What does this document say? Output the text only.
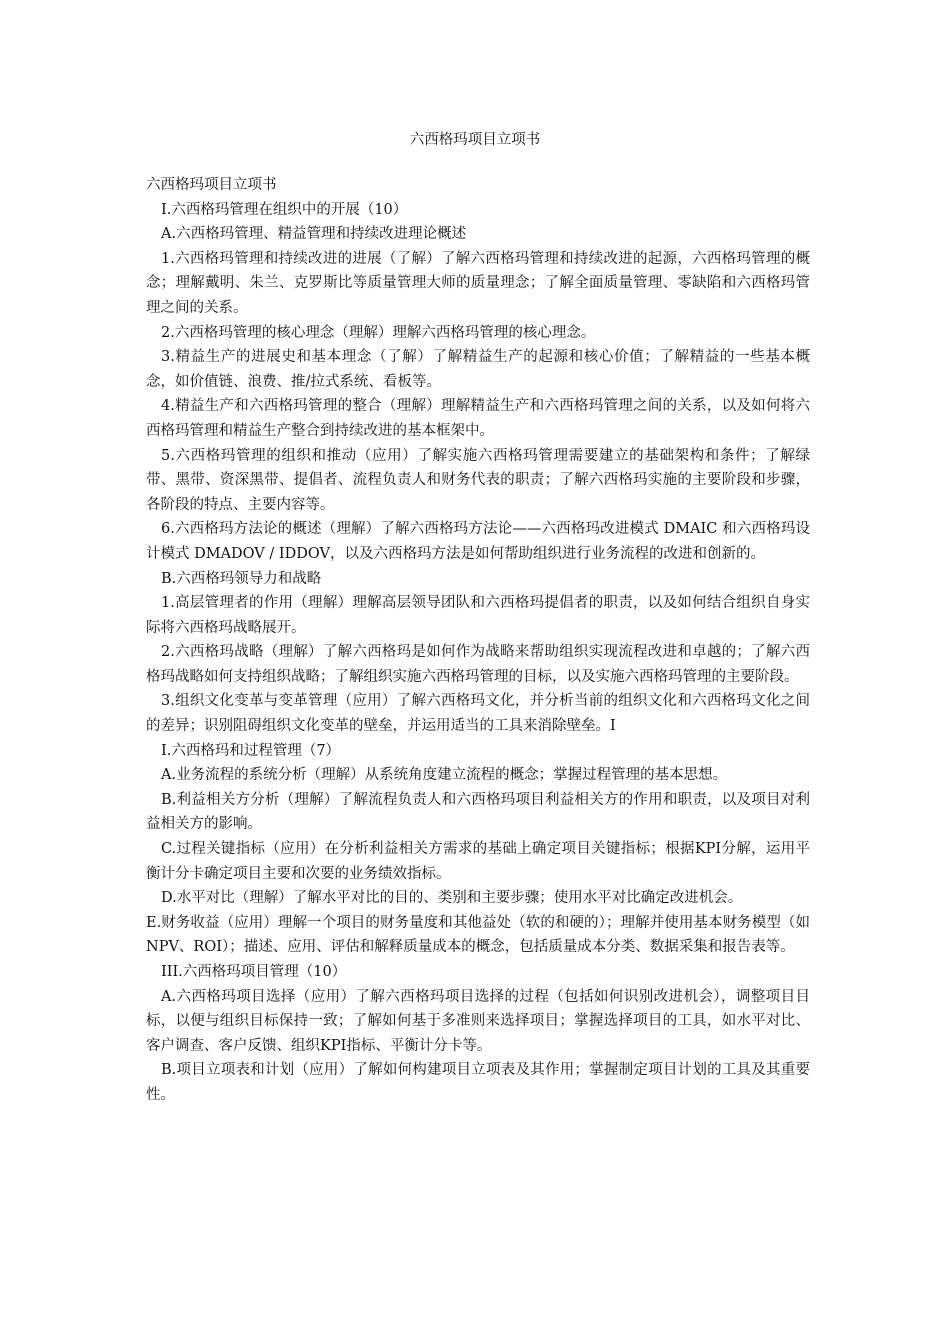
六西格玛项目立项书

六西格玛项目立项书

I.六西格玛管理在组织中的开展（10）

A.六西格玛管理、精益管理和持续改进理论概述

1.六西格玛管理和持续改进的进展（了解）了解六西格玛管理和持续改进的起源，六西格玛管理的概念；理解戴明、朱兰、克罗斯比等质量管理大师的质量理念；了解全面质量管理、零缺陷和六西格玛管理之间的关系。

2.六西格玛管理的核心理念（理解）理解六西格玛管理的核心理念。

3.精益生产的进展史和基本理念（了解）了解精益生产的起源和核心价值；了解精益的一些基本概念，如价值链、浪费、推/拉式系统、看板等。

4.精益生产和六西格玛管理的整合（理解）理解精益生产和六西格玛管理之间的关系，以及如何将六西格玛管理和精益生产整合到持续改进的基本框架中。

5.六西格玛管理的组织和推动（应用）了解实施六西格玛管理需要建立的基础架构和条件；了解绿带、黑带、资深黑带、提倡者、流程负责人和财务代表的职责；了解六西格玛实施的主要阶段和步骤，各阶段的特点、主要内容等。

6.六西格玛方法论的概述（理解）了解六西格玛方法论——六西格玛改进模式 DMAIC 和六西格玛设计模式 DMADOV / IDDOV，以及六西格玛方法是如何帮助组织进行业务流程的改进和创新的。

B.六西格玛领导力和战略

1.高层管理者的作用（理解）理解高层领导团队和六西格玛提倡者的职责，以及如何结合组织自身实际将六西格玛战略展开。

2.六西格玛战略（理解）了解六西格玛是如何作为战略来帮助组织实现流程改进和卓越的；了解六西格玛战略如何支持组织战略；了解组织实施六西格玛管理的目标，以及实施六西格玛管理的主要阶段。

3.组织文化变革与变革管理（应用）了解六西格玛文化，并分析当前的组织文化和六西格玛文化之间的差异；识别阻碍组织文化变革的壁垒，并运用适当的工具来消除壁垒。I

I.六西格玛和过程管理（7）

A.业务流程的系统分析（理解）从系统角度建立流程的概念；掌握过程管理的基本思想。

B.利益相关方分析（理解）了解流程负责人和六西格玛项目利益相关方的作用和职责，以及项目对利益相关方的影响。

C.过程关键指标（应用）在分析利益相关方需求的基础上确定项目关键指标；根据KPI分解，运用平衡计分卡确定项目主要和次要的业务绩效指标。

D.水平对比（理解）了解水平对比的目的、类别和主要步骤；使用水平对比确定改进机会。

E.财务收益（应用）理解一个项目的财务量度和其他益处（软的和硬的）；理解并使用基本财务模型（如NPV、ROI）；描述、应用、评估和解释质量成本的概念，包括质量成本分类、数据采集和报告表等。

III.六西格玛项目管理（10）

A.六西格玛项目选择（应用）了解六西格玛项目选择的过程（包括如何识别改进机会），调整项目目标，以便与组织目标保持一致；了解如何基于多准则来选择项目；掌握选择项目的工具，如水平对比、客户调查、客户反馈、组织KPI指标、平衡计分卡等。

B.项目立项表和计划（应用）了解如何构建项目立项表及其作用；掌握制定项目计划的工具及其重要性。
